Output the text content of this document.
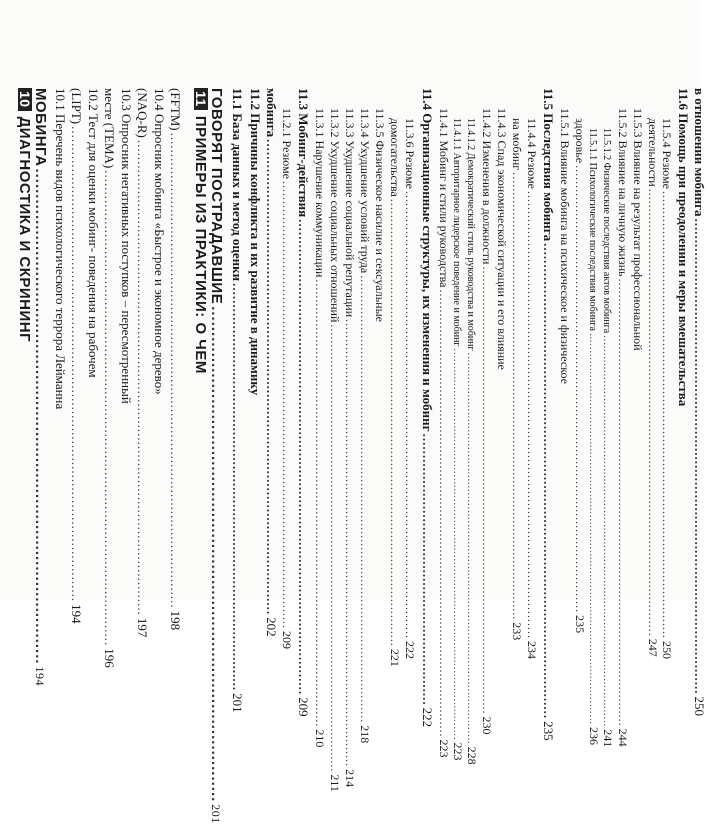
10
ДИАГНОСТИКА И СКРИНИНГ МОБИНГА
................................................................................................
194
10.1 Перечень видов психологического террора Лейманна (LIPT)
................................................................................................................
194
10.2 Тест для оценки мобинг- поведения на рабочем месте (TEMA)
................................................................................................................
196
10.3 Опросник негативных поступков – пересмотренный (NAQ-R)
................................................................................................................
197
10.4 Опросник мобинга «Быстрое и экономное дерево» (FFTM)
................................................................................................................
198
11
ПРИМЕРЫ ИЗ ПРАКТИКИ: О ЧЕМ ГОВОРЯТ ПОСТРАДАВШИЕ
................................................................................................
201
11.1 База данных и метод оценки
................................................................................................
201
11.2 Причины конфликта и их развитие в динамику мобинга
................................................................................................................
202
11.2.1 Резюме
................................................................................................................
209
11.3 Мобинг-действия
................................................................................................................
209
11.3.1 Нарушение коммуникации
................................................................................................................
210
11.3.2 Ухудшение социальных отношений
................................................................................................................
211
11.3.3 Ухудшение социальной репутации
................................................................................................................
214
11.3.4 Ухудшение условий труда
................................................................................................................
218
11.3.5 Физическое насилие и сексуальные домогательства
................................................................................................................
221
11.3.6 Резюме
................................................................................................................
222
11.4 Организационные структуры, их изменения и мобинг
................................................................
222
11.4.1 Мобинг и стили руководства
................................................................................................................
223
11.4.1.1 Авторитарное лидерское поведение и мобинг
................................................................................................................
223
11.4.1.2 Демократический стиль руководства и мобинг
................................................................................................................
228
11.4.2 Изменения в должности
................................................................................................................
230
11.4.3 Спад экономической ситуации и его влияние на мобинг
................................................................................................................
233
11.4.4 Резюме
................................................................................................................
234
11.5 Последствия мобинга
................................................................................................................
235
11.5.1 Влияние мобинга на психическое и физическое здоровье
................................................................................................................
235
11.5.1.1 Психологические последствия мобинга
................................................................................................................
236
11.5.1.2 Физические последствия актов мобинга
................................................................................................................
241
11.5.2 Влияние на личную жизнь
................................................................................................................
244
11.5.3 Влияние на результат профессиональной деятельности
................................................................................................................
247
11.5.4 Резюме
................................................................................................................
250
11.6 Помощь при преодолении и меры вмешательства в отношении мобинга
................................................................................................................
250
